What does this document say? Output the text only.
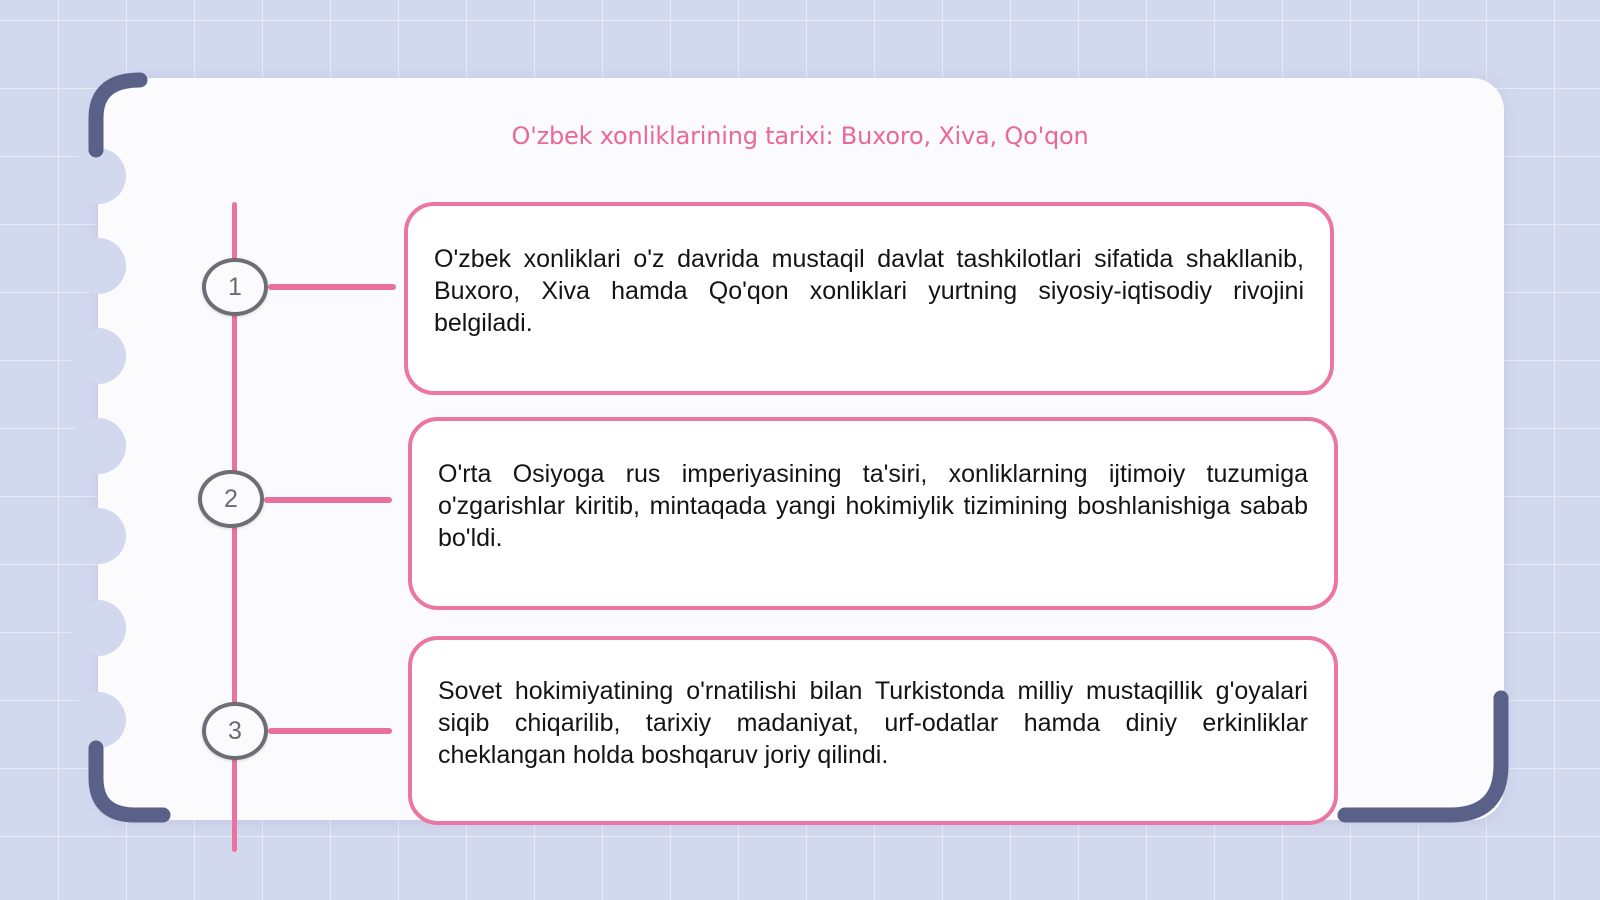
O'zbek xonliklarining tarixi: Buxoro, Xiva, Qo'qon
1

O'zbek xonliklari o'z davrida mustaqil davlat tashkilotlari sifatida shakllanib, Buxoro, Xiva hamda Qo'qon xonliklari yurtning siyosiy-iqtisodiy rivojini belgiladi.

2

O'rta Osiyoga rus imperiyasining ta'siri, xonliklarning ijtimoiy tuzumiga o'zgarishlar kiritib, mintaqada yangi hokimiylik tizimining boshlanishiga sabab bo'ldi.

3

Sovet hokimiyatining o'rnatilishi bilan Turkistonda milliy mustaqillik g'oyalari siqib chiqarilib, tarixiy madaniyat, urf-odatlar hamda diniy erkinliklar cheklangan holda boshqaruv joriy qilindi.
